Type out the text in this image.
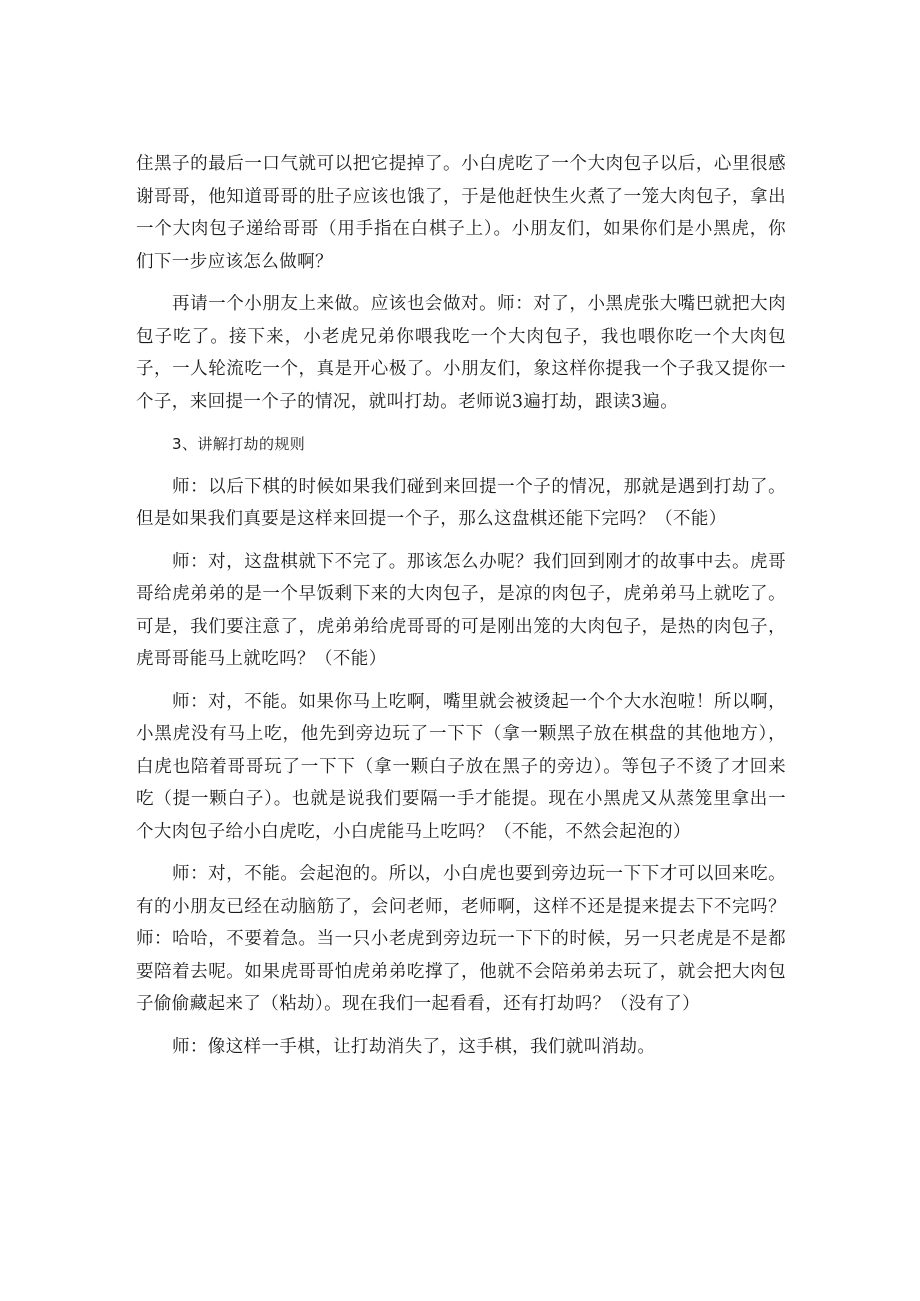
住黑子的最后一口气就可以把它提掉了。小白虎吃了一个大肉包子以后，心里很感谢哥哥，他知道哥哥的肚子应该也饿了，于是他赶快生火煮了一笼大肉包子，拿出一个大肉包子递给哥哥（用手指在白棋子上）。小朋友们，如果你们是小黑虎，你们下一步应该怎么做啊？

再请一个小朋友上来做。应该也会做对。师：对了，小黑虎张大嘴巴就把大肉包子吃了。接下来，小老虎兄弟你喂我吃一个大肉包子，我也喂你吃一个大肉包子，一人轮流吃一个，真是开心极了。小朋友们，象这样你提我一个子我又提你一个子，来回提一个子的情况，就叫打劫。老师说3遍打劫，跟读3遍。

3、讲解打劫的规则

师：以后下棋的时候如果我们碰到来回提一个子的情况，那就是遇到打劫了。但是如果我们真要是这样来回提一个子，那么这盘棋还能下完吗？（不能）

师：对，这盘棋就下不完了。那该怎么办呢？我们回到刚才的故事中去。虎哥哥给虎弟弟的是一个早饭剩下来的大肉包子，是凉的肉包子，虎弟弟马上就吃了。可是，我们要注意了，虎弟弟给虎哥哥的可是刚出笼的大肉包子，是热的肉包子，虎哥哥能马上就吃吗？（不能）

师：对，不能。如果你马上吃啊，嘴里就会被烫起一个个大水泡啦！所以啊，小黑虎没有马上吃，他先到旁边玩了一下下（拿一颗黑子放在棋盘的其他地方），白虎也陪着哥哥玩了一下下（拿一颗白子放在黑子的旁边）。等包子不烫了才回来吃（提一颗白子）。也就是说我们要隔一手才能提。现在小黑虎又从蒸笼里拿出一个大肉包子给小白虎吃，小白虎能马上吃吗？（不能，不然会起泡的）

师：对，不能。会起泡的。所以，小白虎也要到旁边玩一下下才可以回来吃。有的小朋友已经在动脑筋了，会问老师，老师啊，这样不还是提来提去下不完吗？师：哈哈，不要着急。当一只小老虎到旁边玩一下下的时候，另一只老虎是不是都要陪着去呢。如果虎哥哥怕虎弟弟吃撑了，他就不会陪弟弟去玩了，就会把大肉包子偷偷藏起来了（粘劫）。现在我们一起看看，还有打劫吗？（没有了）

师：像这样一手棋，让打劫消失了，这手棋，我们就叫消劫。
